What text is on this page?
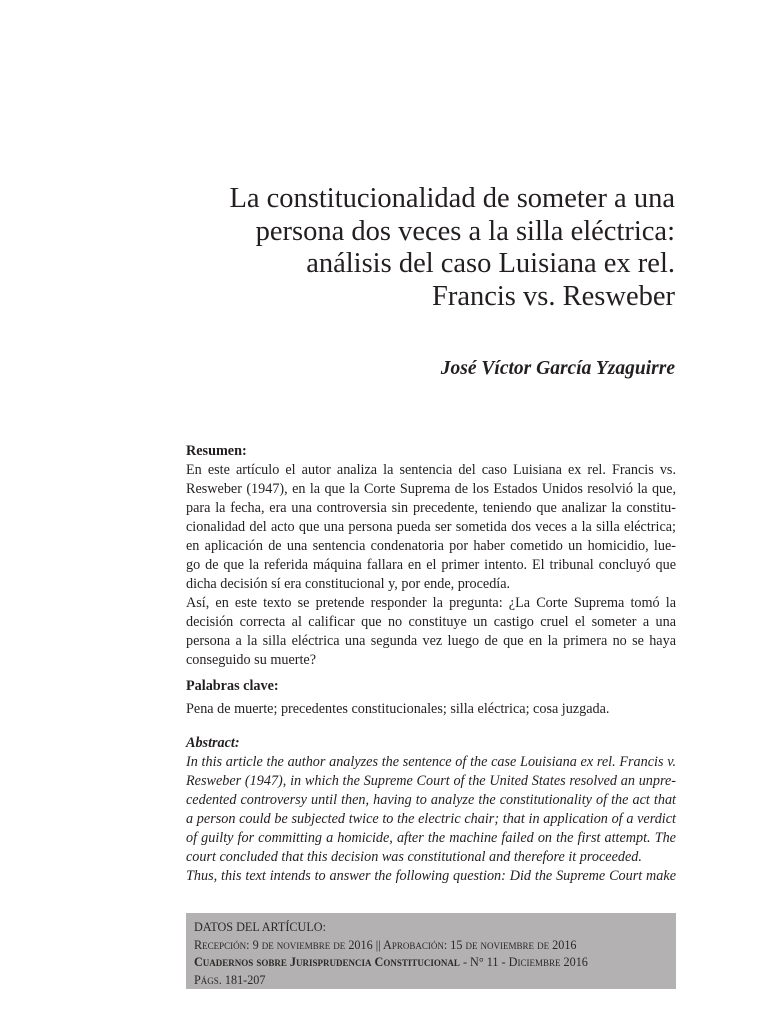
La constitucionalidad de someter a una
persona dos veces a la silla eléctrica:
análisis del caso Luisiana ex rel.
Francis vs. Resweber

José Víctor García Yzaguirre

Resumen:

En este artículo el autor analiza la sentencia del caso Luisiana ex rel. Francis vs.
Resweber (1947), en la que la Corte Suprema de los Estados Unidos resolvió la que,
para la fecha, era una controversia sin precedente, teniendo que analizar la constitu-
cionalidad del acto que una persona pueda ser sometida dos veces a la silla eléctrica;
en aplicación de una sentencia condenatoria por haber cometido un homicidio, lue-
go de que la referida máquina fallara en el primer intento. El tribunal concluyó que
dicha decisión sí era constitucional y, por ende, procedía.
Así, en este texto se pretende responder la pregunta: ¿La Corte Suprema tomó la
decisión correcta al calificar que no constituye un castigo cruel el someter a una
persona a la silla eléctrica una segunda vez luego de que en la primera no se haya
conseguido su muerte?

Palabras clave:

Pena de muerte; precedentes constitucionales; silla eléctrica; cosa juzgada.

Abstract:

In this article the author analyzes the sentence of the case Louisiana ex rel. Francis v.
Resweber (1947), in which the Supreme Court of the United States resolved an unpre-
cedented controversy until then, having to analyze the constitutionality of the act that
a person could be subjected twice to the electric chair; that in application of a verdict
of guilty for committing a homicide, after the machine failed on the first attempt. The
court concluded that this decision was constitutional and therefore it proceeded.
Thus, this text intends to answer the following question: Did the Supreme Court make
DATOS DEL ARTÍCULO:
Recepción: 9 de noviembre de 2016 || Aprobación: 15 de noviembre de 2016
Cuadernos sobre Jurisprudencia Constitucional - N° 11 - Diciembre 2016
Págs. 181-207
